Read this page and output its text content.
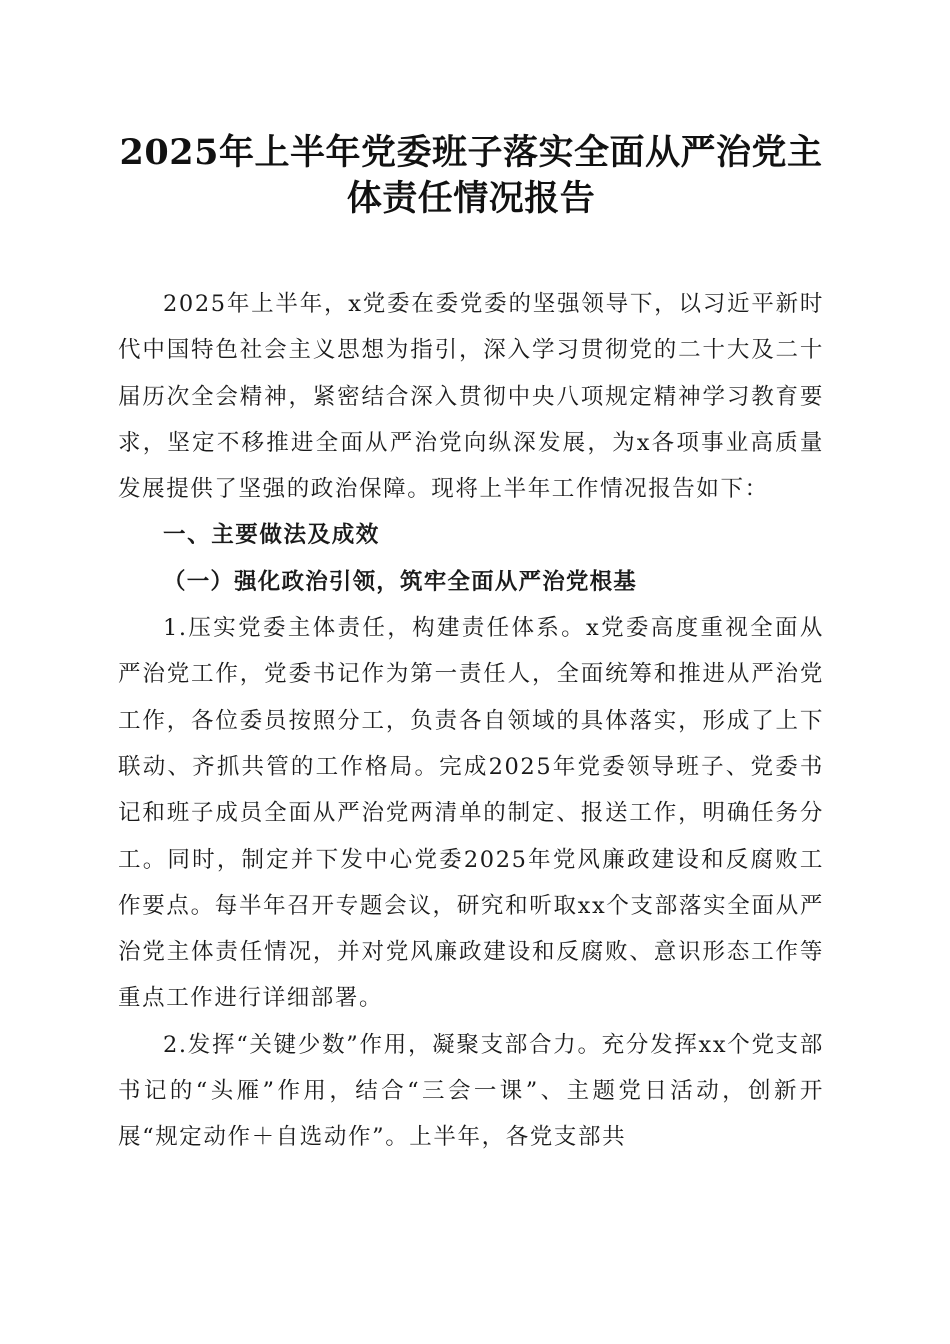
2025年上半年党委班子落实全面从严治党主体责任情况报告

2025年上半年，x党委在委党委的坚强领导下，以习近平新时代中国特色社会主义思想为指引，深入学习贯彻党的二十大及二十届历次全会精神，紧密结合深入贯彻中央八项规定精神学习教育要求，坚定不移推进全面从严治党向纵深发展，为x各项事业高质量发展提供了坚强的政治保障。现将上半年工作情况报告如下：

一、主要做法及成效

（一）强化政治引领，筑牢全面从严治党根基

1.压实党委主体责任，构建责任体系。x党委高度重视全面从严治党工作，党委书记作为第一责任人，全面统筹和推进从严治党工作，各位委员按照分工，负责各自领域的具体落实，形成了上下联动、齐抓共管的工作格局。完成2025年党委领导班子、党委书记和班子成员全面从严治党两清单的制定、报送工作，明确任务分工。同时，制定并下发中心党委2025年党风廉政建设和反腐败工作要点。每半年召开专题会议，研究和听取xx个支部落实全面从严治党主体责任情况，并对党风廉政建设和反腐败、意识形态工作等重点工作进行详细部署。

2.发挥“关键少数”作用，凝聚支部合力。充分发挥xx个党支部书记的“头雁”作用，结合“三会一课”、主题党日活动，创新开展“规定动作＋自选动作”。上半年，各党支部共
